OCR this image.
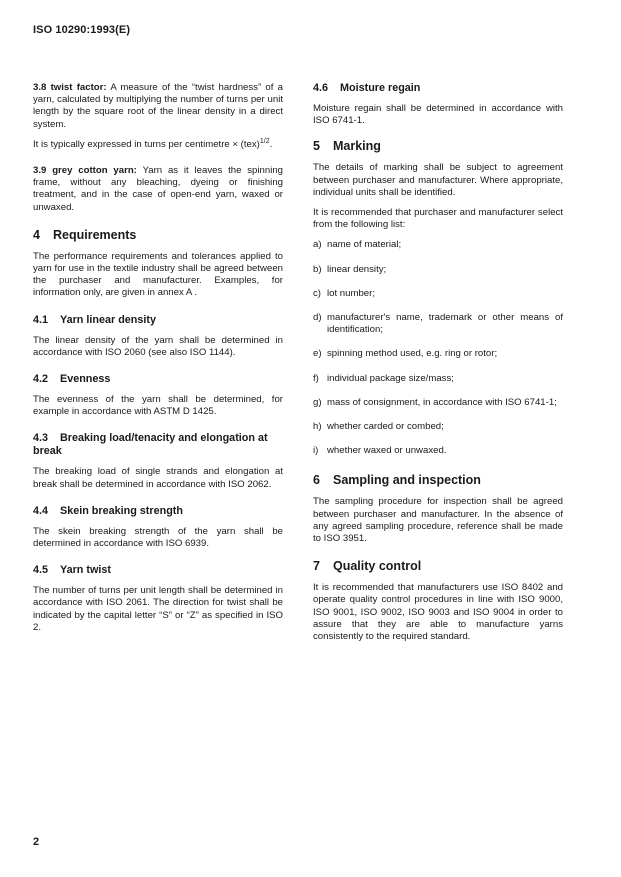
ISO 10290:1993(E)

3.8 twist factor: A measure of the “twist hardness” of a yarn, calculated by multiplying the number of turns per unit length by the square root of the linear density in a direct system.

It is typically expressed in turns per centimetre × (tex)$^{1/2}$.

3.9 grey cotton yarn: Yarn as it leaves the spinning frame, without any bleaching, dyeing or finishing treatment, and in the case of open-end yarn, waxed or unwaxed.

4 Requirements

The performance requirements and tolerances applied to yarn for use in the textile industry shall be agreed between the purchaser and manufacturer. Examples, for information only, are given in annex A .

4.1 Yarn linear density

The linear density of the yarn shall be determined in accordance with ISO 2060 (see also ISO 1144).

4.2 Evenness

The evenness of the yarn shall be determined, for example in accordance with ASTM D 1425.

4.3 Breaking load/tenacity and elongation at break

The breaking load of single strands and elongation at break shall be determined in accordance with ISO 2062.

4.4 Skein breaking strength

The skein breaking strength of the yarn shall be determined in accordance with ISO 6939.

4.5 Yarn twist

The number of turns per unit length shall be determined in accordance with ISO 2061. The direction for twist shall be indicated by the capital letter “S” or “Z” as specified in ISO 2.

4.6 Moisture regain

Moisture regain shall be determined in accordance with ISO 6741-1.

5 Marking

The details of marking shall be subject to agreement between purchaser and manufacturer. Where appropriate, individual units shall be identified.

It is recommended that purchaser and manufacturer select from the following list:

a) name of material;
b) linear density;
c) lot number;
d) manufacturer's name, trademark or other means of identification;
e) spinning method used, e.g. ring or rotor;
f) individual package size/mass;
g) mass of consignment, in accordance with ISO 6741-1;
h) whether carded or combed;
i) whether waxed or unwaxed.
6 Sampling and inspection

The sampling procedure for inspection shall be agreed between purchaser and manufacturer. In the absence of any agreed sampling procedure, reference shall be made to ISO 3951.

7 Quality control

It is recommended that manufacturers use ISO 8402 and operate quality control procedures in line with ISO 9000, ISO 9001, ISO 9002, ISO 9003 and ISO 9004 in order to assure that they are able to manufacture yarns consistently to the required standard.

2
